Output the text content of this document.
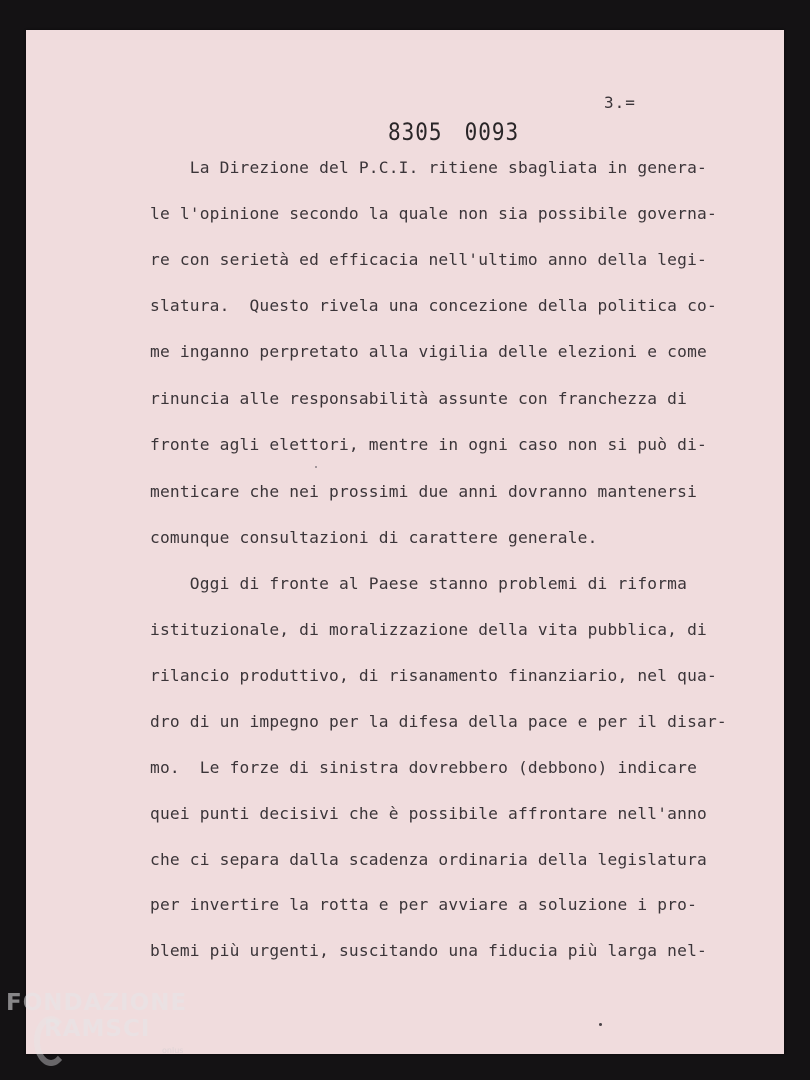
3.=
8305 0093
La Direzione del P.C.I. ritiene sbagliata in genera-
le l'opinione secondo la quale non sia possibile governa-
re con serietà ed efficacia nell'ultimo anno della legi-
slatura.  Questo rivela una concezione della politica co-
me inganno perpretato alla vigilia delle elezioni e come
rinuncia alle responsabilità assunte con franchezza di
fronte agli elettori, mentre in ogni caso non si può di-
menticare che nei prossimi due anni dovranno mantenersi
comunque consultazioni di carattere generale.
Oggi di fronte al Paese stanno problemi di riforma
istituzionale, di moralizzazione della vita pubblica, di
rilancio produttivo, di risanamento finanziario, nel qua-
dro di un impegno per la difesa della pace e per il disar-
mo.  Le forze di sinistra dovrebbero (debbono) indicare
quei punti decisivi che è possibile affrontare nell'anno
che ci separa dalla scadenza ordinaria della legislatura
per invertire la rotta e per avviare a soluzione i pro-
blemi più urgenti, suscitando una fiducia più larga nel-
FONDAZIONE
RAMSCI
onlus
